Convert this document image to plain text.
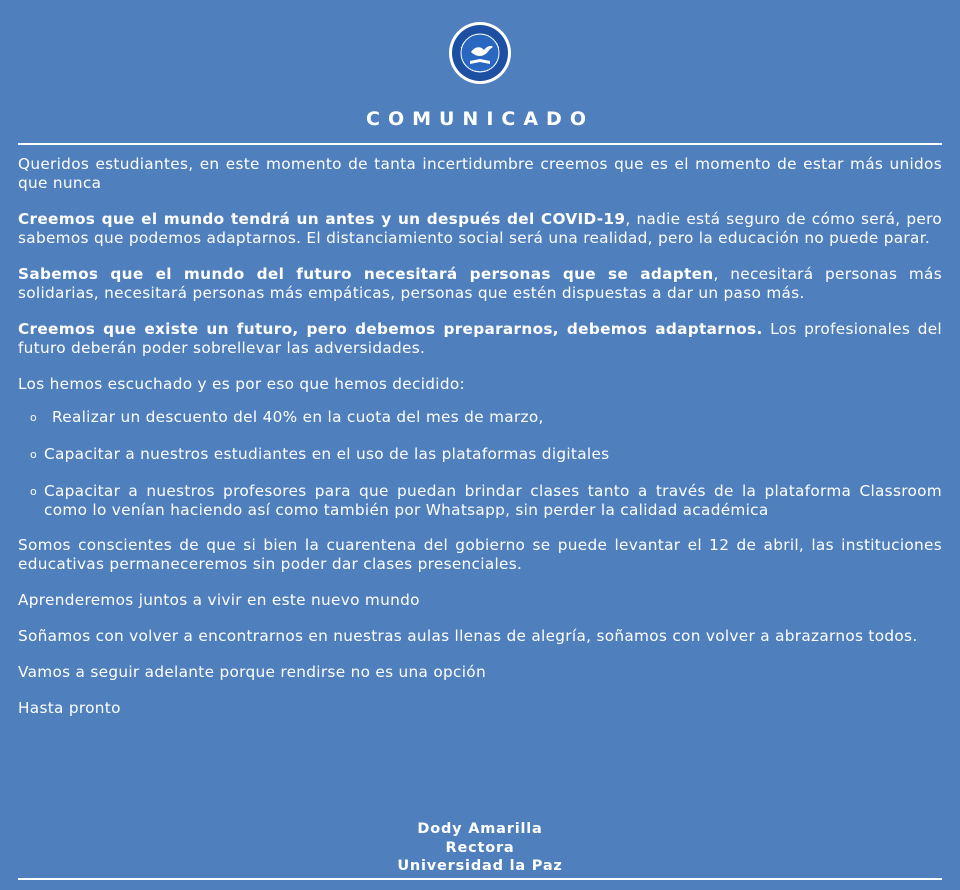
COMUNICADO

Queridos estudiantes, en este momento de tanta incertidumbre creemos que es el momento de estar más unidos que nunca

Creemos que el mundo tendrá un antes y un después del COVID-19, nadie está seguro de cómo será, pero sabemos que podemos adaptarnos. El distanciamiento social será una realidad, pero la educación no puede parar.

Sabemos que el mundo del futuro necesitará personas que se adapten, necesitará personas más solidarias, necesitará personas más empáticas, personas que estén dispuestas a dar un paso más.

Creemos que existe un futuro, pero debemos prepararnos, debemos adaptarnos. Los profesionales del futuro deberán poder sobrellevar las adversidades.

Los hemos escuchado y es por eso que hemos decidido:

o Realizar un descuento del 40% en la cuota del mes de marzo,
o Capacitar a nuestros estudiantes en el uso de las plataformas digitales
o Capacitar a nuestros profesores para que puedan brindar clases tanto a través de la plataforma Classroom como lo venían haciendo así como también por Whatsapp, sin perder la calidad académica

Somos conscientes de que si bien la cuarentena del gobierno se puede levantar el 12 de abril, las instituciones educativas permaneceremos sin poder dar clases presenciales.

Aprenderemos juntos a vivir en este nuevo mundo

Soñamos con volver a encontrarnos en nuestras aulas llenas de alegría, soñamos con volver a abrazarnos todos.

Vamos a seguir adelante porque rendirse no es una opción

Hasta pronto

Dody Amarilla
Rectora
Universidad la Paz
